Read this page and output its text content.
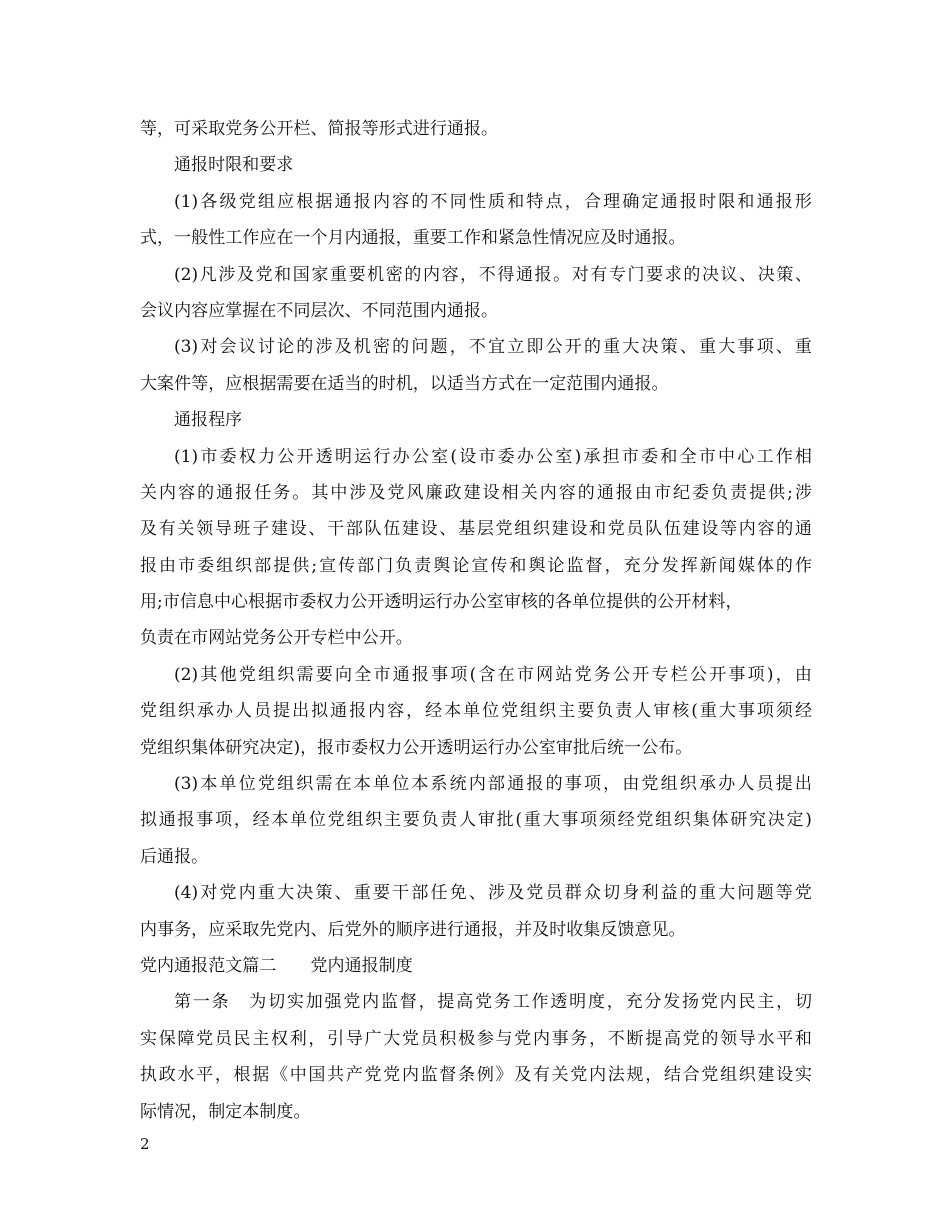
等，可采取党务公开栏、简报等形式进行通报。
通报时限和要求
(1)各级党组应根据通报内容的不同性质和特点，合理确定通报时限和通报形
式，一般性工作应在一个月内通报，重要工作和紧急性情况应及时通报。
(2)凡涉及党和国家重要机密的内容，不得通报。对有专门要求的决议、决策、
会议内容应掌握在不同层次、不同范围内通报。
(3)对会议讨论的涉及机密的问题，不宜立即公开的重大决策、重大事项、重
大案件等，应根据需要在适当的时机，以适当方式在一定范围内通报。
通报程序
(1)市委权力公开透明运行办公室(设市委办公室)承担市委和全市中心工作相
关内容的通报任务。其中涉及党风廉政建设相关内容的通报由市纪委负责提供;涉
及有关领导班子建设、干部队伍建设、基层党组织建设和党员队伍建设等内容的通
报由市委组织部提供;宣传部门负责舆论宣传和舆论监督，充分发挥新闻媒体的作
用;市信息中心根据市委权力公开透明运行办公室审核的各单位提供的公开材料，
负责在市网站党务公开专栏中公开。
(2)其他党组织需要向全市通报事项(含在市网站党务公开专栏公开事项)，由
党组织承办人员提出拟通报内容，经本单位党组织主要负责人审核(重大事项须经
党组织集体研究决定)，报市委权力公开透明运行办公室审批后统一公布。
(3)本单位党组织需在本单位本系统内部通报的事项，由党组织承办人员提出
拟通报事项，经本单位党组织主要负责人审批(重大事项须经党组织集体研究决定)
后通报。
(4)对党内重大决策、重要干部任免、涉及党员群众切身利益的重大问题等党
内事务，应采取先党内、后党外的顺序进行通报，并及时收集反馈意见。
党内通报范文篇二　　党内通报制度
第一条　为切实加强党内监督，提高党务工作透明度，充分发扬党内民主，切
实保障党员民主权利，引导广大党员积极参与党内事务，不断提高党的领导水平和
执政水平，根据《中国共产党党内监督条例》及有关党内法规，结合党组织建设实
际情况，制定本制度。
2
